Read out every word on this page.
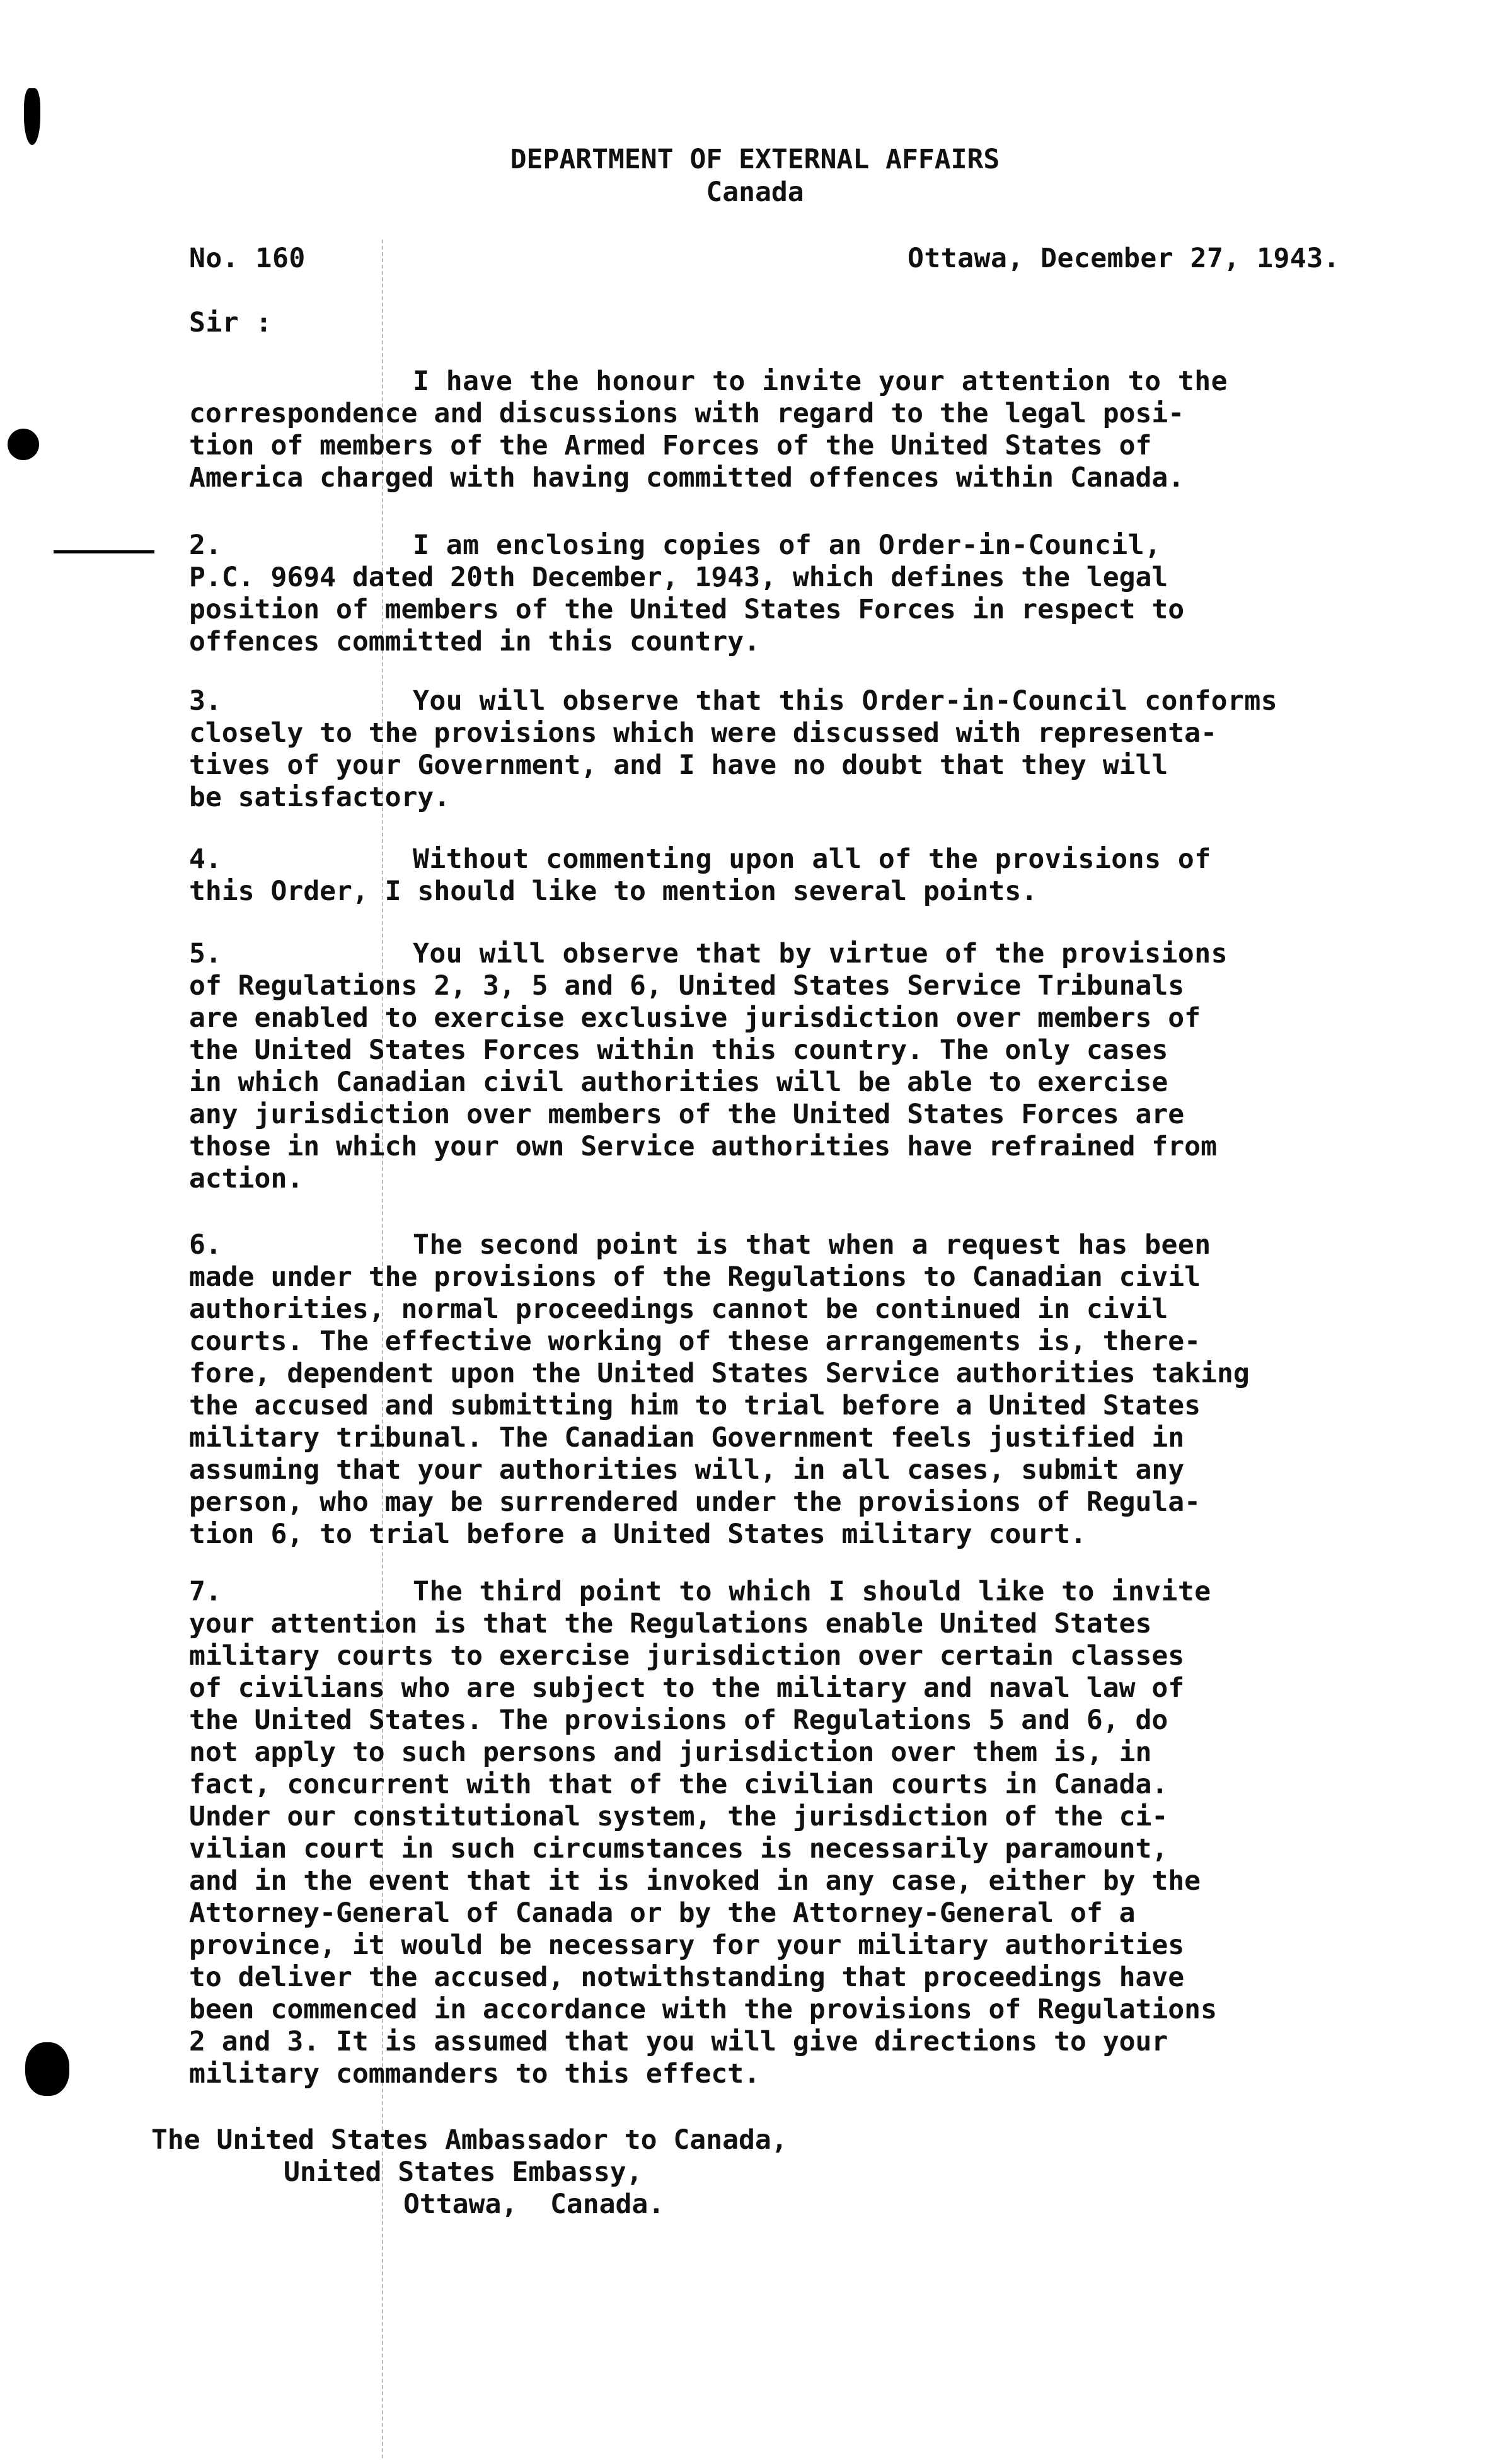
DEPARTMENT OF EXTERNAL AFFAIRS
Canada
No. 160	Ottawa, December 27, 1943.
Sir :
I have the honour to invite your attention to the
correspondence and discussions with regard to the legal posi-
tion of members of the Armed Forces of the United States of
America charged with having committed offences within Canada.
2.	I am enclosing copies of an Order-in-Council,
P.C. 9694 dated 20th December, 1943, which defines the legal
position of members of the United States Forces in respect to
offences committed in this country.
3.	You will observe that this Order-in-Council conforms
closely to the provisions which were discussed with representa-
tives of your Government, and I have no doubt that they will
be satisfactory.
4.	Without commenting upon all of the provisions of
this Order, I should like to mention several points.
5.	You will observe that by virtue of the provisions
of Regulations 2, 3, 5 and 6, United States Service Tribunals
are enabled to exercise exclusive jurisdiction over members of
the United States Forces within this country. The only cases
in which Canadian civil authorities will be able to exercise
any jurisdiction over members of the United States Forces are
those in which your own Service authorities have refrained from
action.
6.	The second point is that when a request has been
made under the provisions of the Regulations to Canadian civil
authorities, normal proceedings cannot be continued in civil
courts. The effective working of these arrangements is, there-
fore, dependent upon the United States Service authorities taking
the accused and submitting him to trial before a United States
military tribunal. The Canadian Government feels justified in
assuming that your authorities will, in all cases, submit any
person, who may be surrendered under the provisions of Regula-
tion 6, to trial before a United States military court.
7.	The third point to which I should like to invite
your attention is that the Regulations enable United States
military courts to exercise jurisdiction over certain classes
of civilians who are subject to the military and naval law of
the United States. The provisions of Regulations 5 and 6, do
not apply to such persons and jurisdiction over them is, in
fact, concurrent with that of the civilian courts in Canada.
Under our constitutional system, the jurisdiction of the ci-
vilian court in such circumstances is necessarily paramount,
and in the event that it is invoked in any case, either by the
Attorney-General of Canada or by the Attorney-General of a
province, it would be necessary for your military authorities
to deliver the accused, notwithstanding that proceedings have
been commenced in accordance with the provisions of Regulations
2 and 3. It is assumed that you will give directions to your
military commanders to this effect.
The United States Ambassador to Canada,
United States Embassy,
Ottawa,  Canada.
